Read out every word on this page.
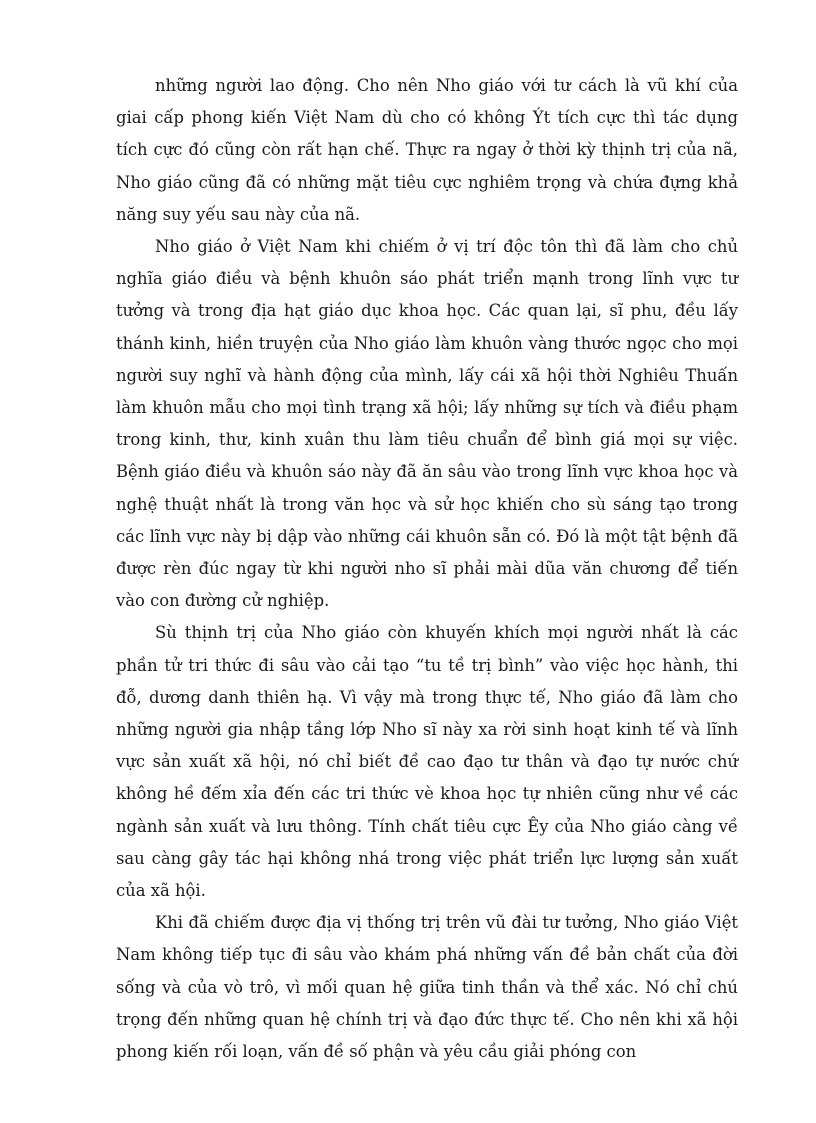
những người lao động. Cho nên Nho giáo với tư cách là vũ khí của giai cấp phong kiến Việt Nam dù cho có không Ýt tích cực thì tác dụng tích cực đó cũng còn rất hạn chế. Thực ra ngay ở thời kỳ thịnh trị của nã, Nho giáo cũng đã có những mặt tiêu cực nghiêm trọng và chứa đựng khả năng suy yếu sau này của nã.

Nho giáo ở Việt Nam khi chiếm ở vị trí độc tôn thì đã làm cho chủ nghĩa giáo điều và bệnh khuôn sáo phát triển mạnh trong lĩnh vực tư tưởng và trong địa hạt giáo dục khoa học. Các quan lại, sĩ phu, đều lấy thánh kinh, hiền truyện của Nho giáo làm khuôn vàng thước ngọc cho mọi người suy nghĩ và hành động của mình, lấy cái xã hội thời Nghiêu Thuấn làm khuôn mẫu cho mọi tình trạng xã hội; lấy những sự tích và điều phạm trong kinh, thư, kinh xuân thu làm tiêu chuẩn để bình giá mọi sự việc. Bệnh giáo điều và khuôn sáo này đã ăn sâu vào trong lĩnh vực khoa học và nghệ thuật nhất là trong văn học và sử học khiến cho sù sáng tạo trong các lĩnh vực này bị dập vào những cái khuôn sẵn có. Đó là một tật bệnh đã được rèn đúc ngay từ khi người nho sĩ phải mài dũa văn chương để tiến vào con đường cử nghiệp.

Sù thịnh trị của Nho giáo còn khuyến khích mọi người nhất là các phần tử tri thức đi sâu vào cải tạo “tu tề trị bình” vào việc học hành, thi đỗ, dương danh thiên hạ. Vì vậy mà trong thực tế, Nho giáo đã làm cho những người gia nhập tầng lớp Nho sĩ này xa rời sinh hoạt kinh tế và lĩnh vực sản xuất xã hội, nó chỉ biết đề cao đạo tư thân và đạo tự nước chứ không hề đếm xỉa đến các tri thức vè khoa học tự nhiên cũng như về các ngành sản xuất và lưu thông. Tính chất tiêu cực Êy của Nho giáo càng về sau càng gây tác hại không nhá trong việc phát triển lực lượng sản xuất của xã hội.

Khi đã chiếm được địa vị thống trị trên vũ đài tư tưởng, Nho giáo Việt Nam không tiếp tục đi sâu vào khám phá những vấn đề bản chất của đời sống và của vò trô, vì mối quan hệ giữa tinh thần và thể xác. Nó chỉ chú trọng đến những quan hệ chính trị và đạo đức thực tế. Cho nên khi xã hội phong kiến rối loạn, vấn đề số phận và yêu cầu giải phóng con
